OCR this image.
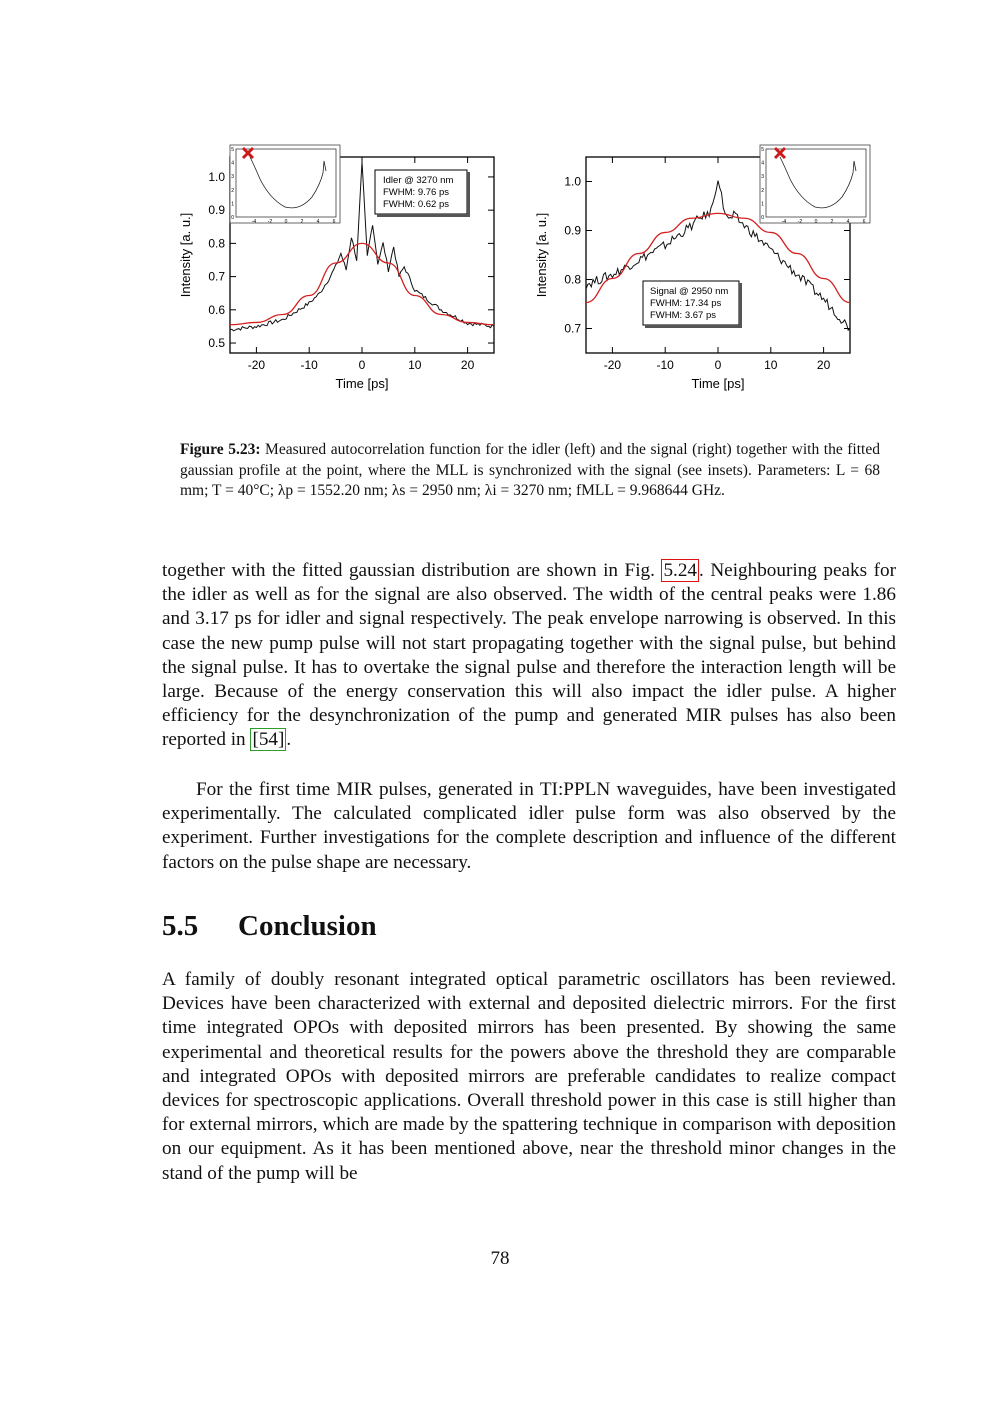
0.5
0.6
0.7
0.8
0.9
1.0
-20	-10	0	10	20
Intensity [a. u.]
Time [ps]
Idler @ 3270 nm
FWHM: 9.76 ps
FWHM: 0.62 ps
0
1
2
3
4
5
-4 -2 0	2	4	6
0.7
0.8
0.9
1.0
-20	-10	0	10	20
Intensity [a. u.]
Time [ps]
Signal @ 2950 nm
FWHM: 17.34 ps
FWHM: 3.67 ps
0
1
2
3
4
5
-4 -2 0	2	4	6
Figure 5.23: Measured autocorrelation function for the idler (left) and the signal (right) together with the fitted gaussian profile at the point, where the MLL is synchronized with the signal (see insets). Parameters: L = 68 mm; T = 40°C; λp = 1552.20 nm; λs = 2950 nm; λi = 3270 nm; fMLL = 9.968644 GHz.

together with the fitted gaussian distribution are shown in Fig. 5.24 . Neighbouring peaks for the idler as well as for the signal are also observed. The width of the central peaks were 1.86 and 3.17 ps for idler and signal respectively. The peak envelope narrowing is observed. In this case the new pump pulse will not start propagating together with the signal pulse, but behind the signal pulse. It has to overtake the signal pulse and therefore the interaction length will be large. Because of the energy conservation this will also impact the idler pulse. A higher efficiency for the desynchronization of the pump and generated MIR pulses has also been reported in [54] .

For the first time MIR pulses, generated in TI:PPLN waveguides, have been investigated experimentally. The calculated complicated idler pulse form was also observed by the experiment. Further investigations for the complete description and influence of the different factors on the pulse shape are necessary.

5.5 Conclusion

A family of doubly resonant integrated optical parametric oscillators has been reviewed. Devices have been characterized with external and deposited dielectric mirrors. For the first time integrated OPOs with deposited mirrors has been presented. By showing the same experimental and theoretical results for the powers above the threshold they are comparable and integrated OPOs with deposited mirrors are preferable candidates to realize compact devices for spectroscopic applications. Overall threshold power in this case is still higher than for external mirrors, which are made by the spattering technique in comparison with deposition on our equipment. As it has been mentioned above, near the threshold minor changes in the stand of the pump will be

78
